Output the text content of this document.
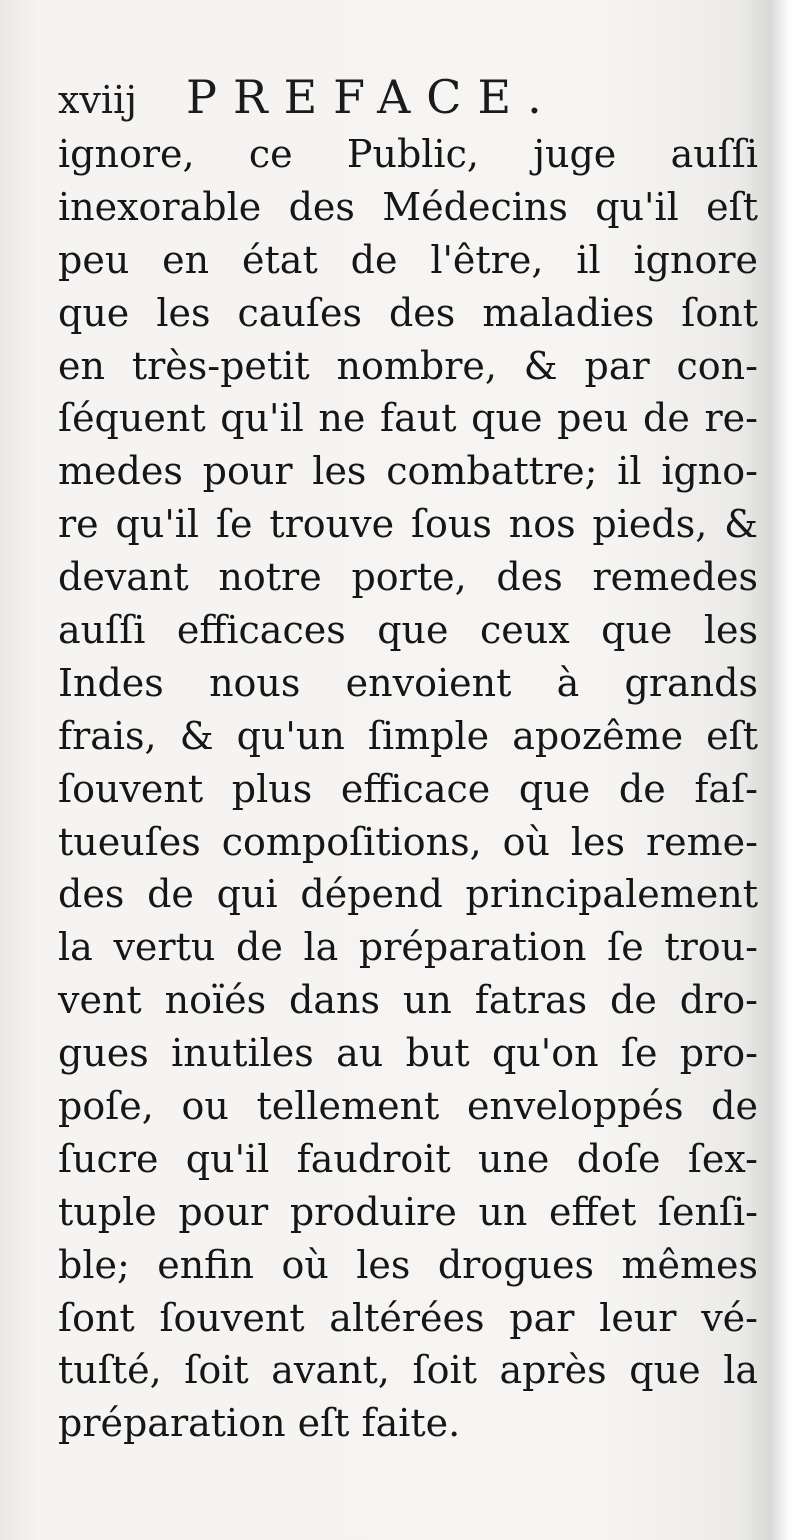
xviij PREFACE.
ignore, ce Public, juge auſſi
inexorable des Médecins qu'il eſt
peu en état de l'être, il ignore
que les cauſes des maladies ſont
en très-petit nombre, & par con-
ſéquent qu'il ne faut que peu de re-
medes pour les combattre; il igno-
re qu'il ſe trouve ſous nos pieds, &
devant notre porte, des remedes
auſſi efficaces que ceux que les
Indes nous envoient à grands
frais, & qu'un ſimple apozême eſt
ſouvent plus efficace que de faſ-
tueuſes compoſitions, où les reme-
des de qui dépend principalement
la vertu de la préparation ſe trou-
vent noïés dans un fatras de dro-
gues inutiles au but qu'on ſe pro-
poſe, ou tellement enveloppés de
ſucre qu'il faudroit une doſe ſex-
tuple pour produire un effet ſenſi-
ble; enfin où les drogues mêmes
ſont ſouvent altérées par leur vé-
tuſté, ſoit avant, ſoit après que la
préparation eſt faite.
